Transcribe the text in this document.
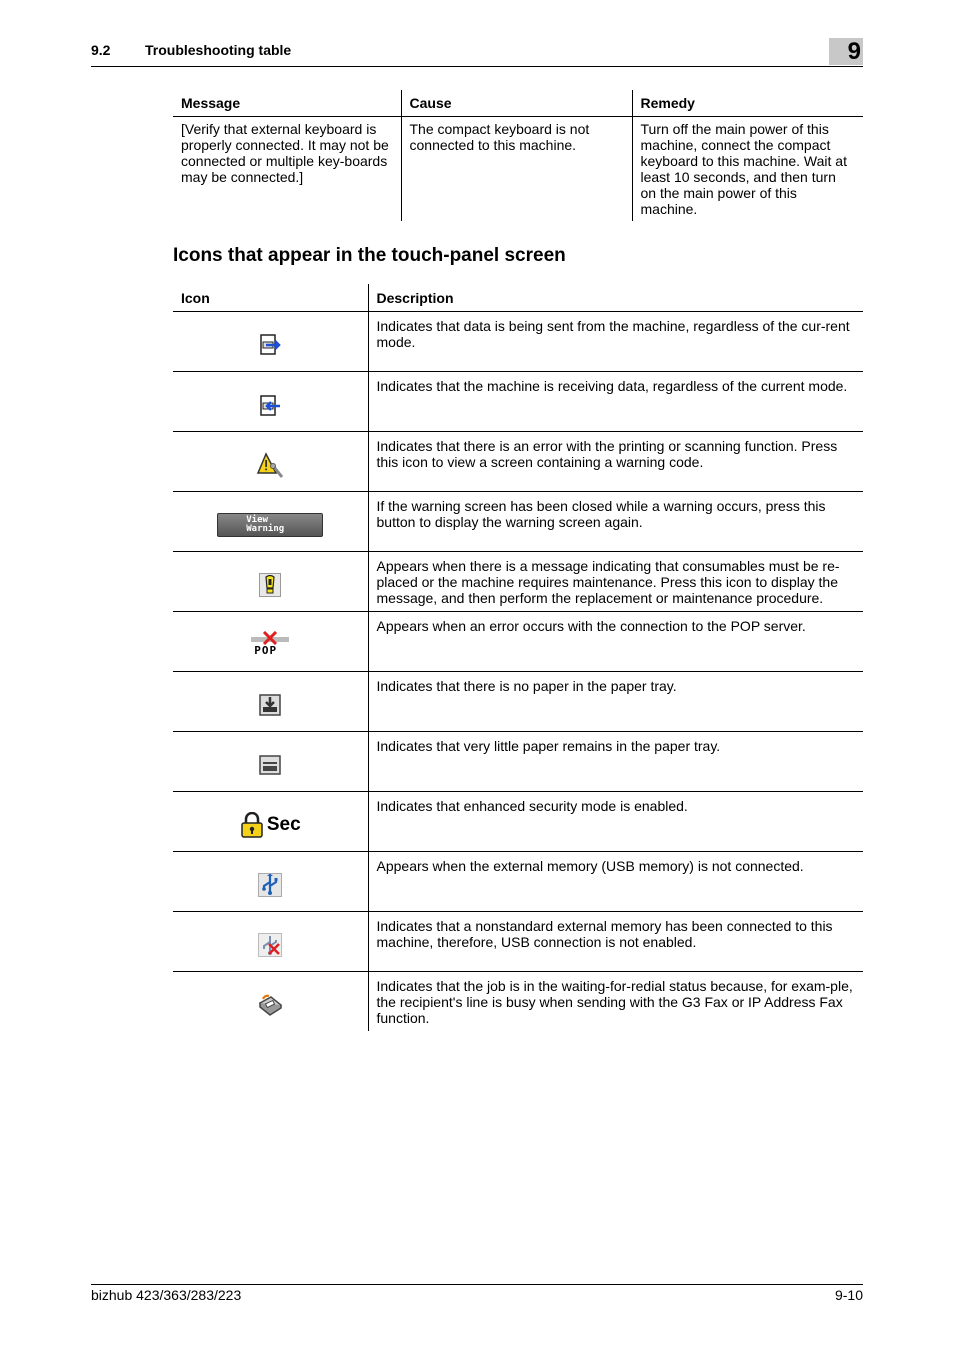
9.2 Troubleshooting table	9
Message	Cause	Remedy
[Verify that external keyboard is properly connected. It may not be connected or multiple key-boards may be connected.]	The compact keyboard is not connected to this machine.	Turn off the main power of this machine, connect the compact keyboard to this machine. Wait at least 10 seconds, and then turn on the main power of this machine.
Icons that appear in the touch-panel screen
Icon	Description
	Indicates that data is being sent from the machine, regardless of the cur-rent mode.
	Indicates that the machine is receiving data, regardless of the current mode.
	Indicates that there is an error with the printing or scanning function. Press this icon to view a screen containing a warning code.

View Warning	If the warning screen has been closed while a warning occurs, press this button to display the warning screen again.
	Appears when there is a message indicating that consumables must be re-placed or the machine requires maintenance. Press this icon to display the message, and then perform the replacement or maintenance procedure.

POP	Appears when an error occurs with the connection to the POP server.
	Indicates that there is no paper in the paper tray.
	Indicates that very little paper remains in the paper tray.

Sec	Indicates that enhanced security mode is enabled.
	Appears when the external memory (USB memory) is not connected.
	Indicates that a nonstandard external memory has been connected to this machine, therefore, USB connection is not enabled.
	Indicates that the job is in the waiting-for-redial status because, for exam-ple, the recipient's line is busy when sending with the G3 Fax or IP Address Fax function.
bizhub 423/363/283/223	9-10
